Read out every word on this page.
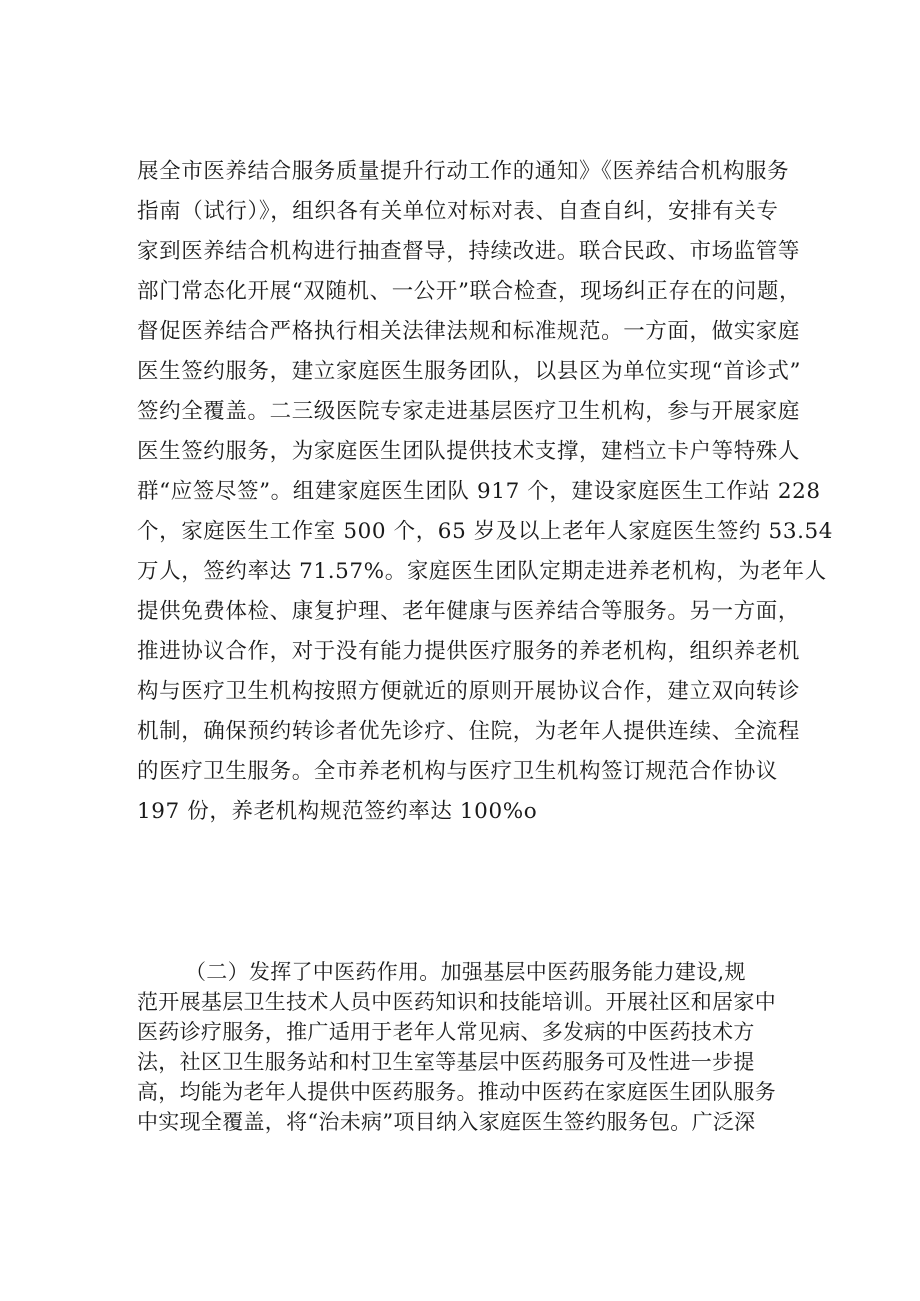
展全市医养结合服务质量提升行动工作的通知》《医养结合机构服务
指南（试行）》，组织各有关单位对标对表、自查自纠，安排有关专
家到医养结合机构进行抽查督导，持续改进。联合民政、市场监管等
部门常态化开展“双随机、一公开”联合检查，现场纠正存在的问题，
督促医养结合严格执行相关法律法规和标准规范。一方面，做实家庭
医生签约服务，建立家庭医生服务团队，以县区为单位实现“首诊式”
签约全覆盖。二三级医院专家走进基层医疗卫生机构，参与开展家庭
医生签约服务，为家庭医生团队提供技术支撑，建档立卡户等特殊人
群“应签尽签”。组建家庭医生团队 917 个，建设家庭医生工作站 228
个，家庭医生工作室 500 个，65 岁及以上老年人家庭医生签约 53.54
万人，签约率达 71.57%。家庭医生团队定期走进养老机构，为老年人
提供免费体检、康复护理、老年健康与医养结合等服务。另一方面，
推进协议合作，对于没有能力提供医疗服务的养老机构，组织养老机
构与医疗卫生机构按照方便就近的原则开展协议合作，建立双向转诊
机制，确保预约转诊者优先诊疗、住院，为老年人提供连续、全流程
的医疗卫生服务。全市养老机构与医疗卫生机构签订规范合作协议
197 份，养老机构规范签约率达 100%o
（二）发挥了中医药作用。加强基层中医药服务能力建设,规
范开展基层卫生技术人员中医药知识和技能培训。开展社区和居家中
医药诊疗服务，推广适用于老年人常见病、多发病的中医药技术方
法，社区卫生服务站和村卫生室等基层中医药服务可及性进一步提
高，均能为老年人提供中医药服务。推动中医药在家庭医生团队服务
中实现全覆盖，将“治未病”项目纳入家庭医生签约服务包。广泛深
